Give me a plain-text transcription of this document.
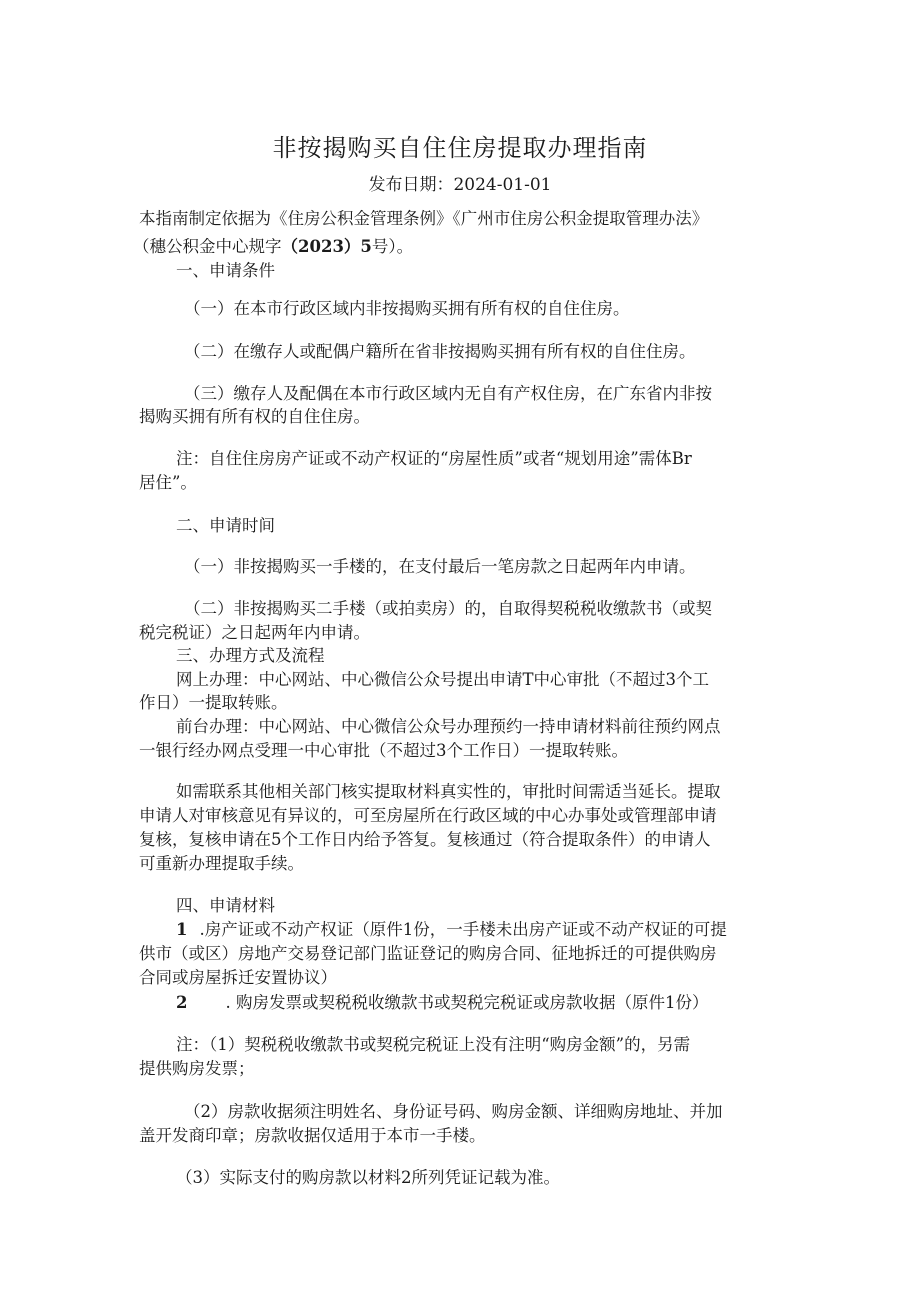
非按揭购买自住住房提取办理指南
发布日期：2024-01-01
本指南制定依据为《住房公积金管理条例》《广州市住房公积金提取管理办法》
（穗公积金中心规字（2023）5号）。
一、申请条件
（一）在本市行政区域内非按揭购买拥有所有权的自住住房。
（二）在缴存人或配偶户籍所在省非按揭购买拥有所有权的自住住房。
（三）缴存人及配偶在本市行政区域内无自有产权住房，在广东省内非按
揭购买拥有所有权的自住住房。
注：自住住房房产证或不动产权证的“房屋性质”或者“规划用途”需体Br
居住”。
二、申请时间
（一）非按揭购买一手楼的，在支付最后一笔房款之日起两年内申请。
（二）非按揭购买二手楼（或拍卖房）的，自取得契税税收缴款书（或契
税完税证）之日起两年内申请。
三、办理方式及流程
网上办理：中心网站、中心微信公众号提出申请T中心审批（不超过3个工
作日）一提取转账。
前台办理：中心网站、中心微信公众号办理预约一持申请材料前往预约网点
一银行经办网点受理一中心审批（不超过3个工作日）一提取转账。
如需联系其他相关部门核实提取材料真实性的，审批时间需适当延长。提取
申请人对审核意见有异议的，可至房屋所在行政区域的中心办事处或管理部申请
复核，复核申请在5个工作日内给予答复。复核通过（符合提取条件）的申请人
可重新办理提取手续。
四、申请材料
1 .房产证或不动产权证（原件1份，一手楼未出房产证或不动产权证的可提
供市（或区）房地产交易登记部门监证登记的购房合同、征地拆迁的可提供购房
合同或房屋拆迁安置协议）
2 . 购房发票或契税税收缴款书或契税完税证或房款收据（原件1份）
注：（1）契税税收缴款书或契税完税证上没有注明“购房金额”的，另需
提供购房发票；
（2）房款收据须注明姓名、身份证号码、购房金额、详细购房地址、并加
盖开发商印章；房款收据仅适用于本市一手楼。
（3）实际支付的购房款以材料2所列凭证记载为准。
